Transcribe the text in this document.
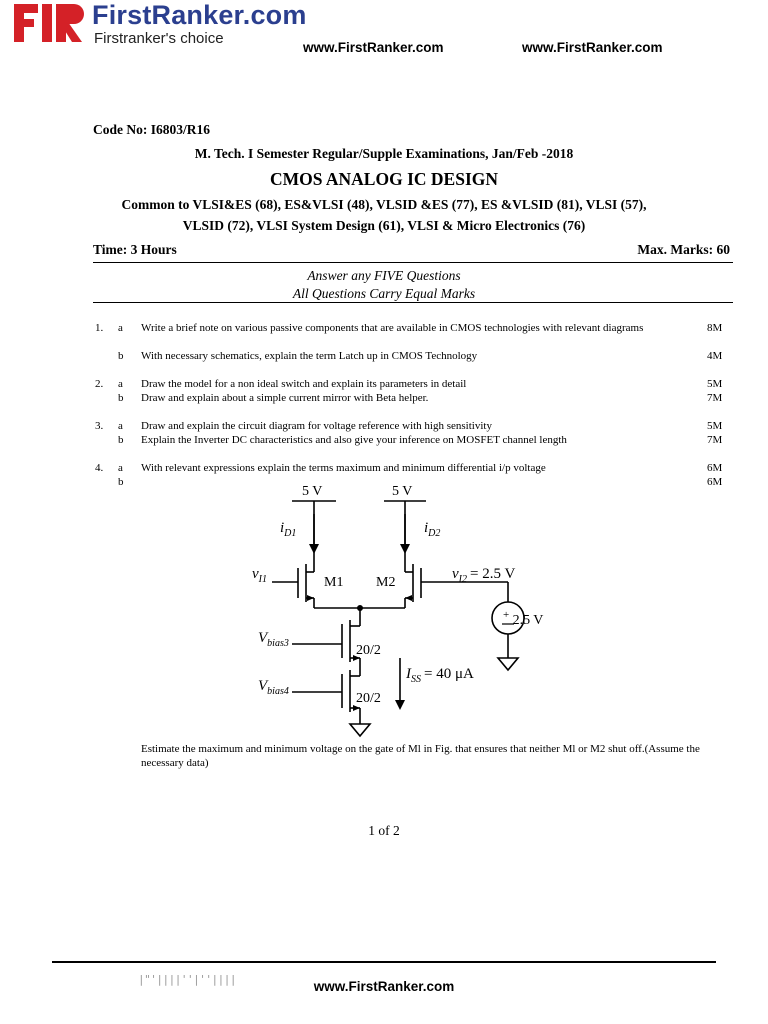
FirstRanker.com
Firstranker's choice
www.FirstRanker.com	www.FirstRanker.com
Code No: I6803/R16
M. Tech. I Semester Regular/Supple Examinations, Jan/Feb -2018
CMOS ANALOG IC DESIGN
Common to VLSI&ES (68), ES&VLSI (48), VLSID &ES (77), ES &VLSID (81), VLSI (57),
VLSID (72), VLSI System Design (61), VLSI & Micro Electronics (76)
Time: 3 Hours	Max. Marks: 60
Answer any FIVE Questions
All Questions Carry Equal Marks
1. a Write a brief note on various passive components that are available in CMOS technologies with relevant diagrams	8M
b With necessary schematics, explain the term Latch up in CMOS Technology	4M
2. a Draw the model for a non ideal switch and explain its parameters in detail	5M
b Draw and explain about a simple current mirror with Beta helper.	7M
3. a Draw and explain the circuit diagram for voltage reference with high sensitivity	5M
b Explain the Inverter DC characteristics and also give your inference on MOSFET channel length	7M
4. a With relevant expressions explain the terms maximum and minimum differential i/p voltage	6M
b	6M
+
5 V	5 V
$i_{D1}$	$i_{D2}$
$v_{I1}$	M1 M2
$v_{I2} = 2.5$ V
2.5 V
$V_{bias3}$
$V_{bias4}$
20/2
20/2
$I_{SS} = 40$ μA
Estimate the maximum and minimum voltage on the gate of Ml in Fig. that ensures that neither Ml or M2 shut off.(Assume the necessary data)
1 of 2
|"'||||''|''||||	www.FirstRanker.com
